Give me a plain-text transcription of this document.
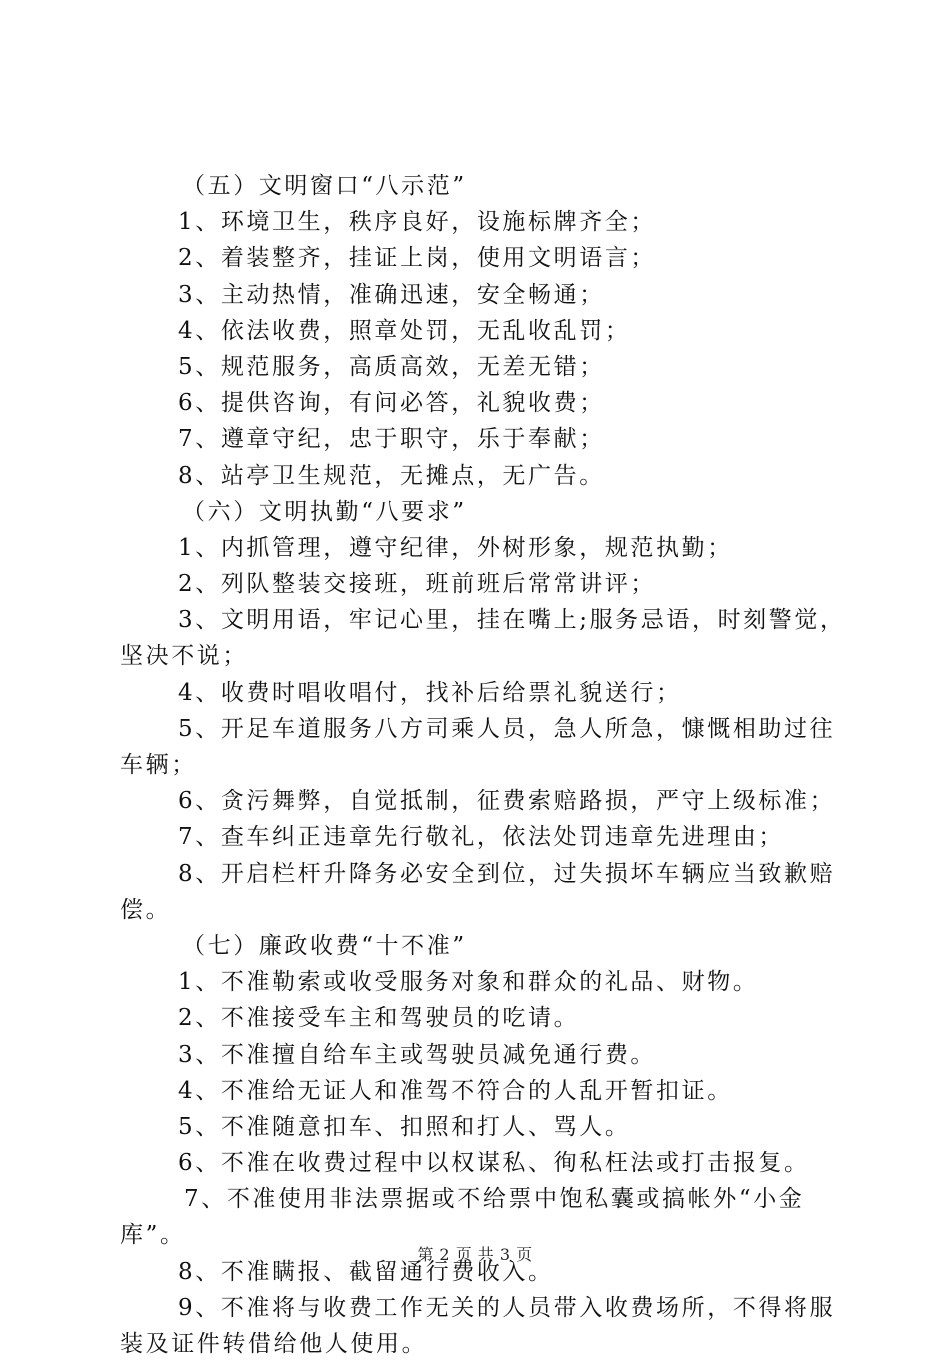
（五）文明窗口“八示范”
1、环境卫生，秩序良好，设施标牌齐全；
2、着装整齐，挂证上岗，使用文明语言；
3、主动热情，准确迅速，安全畅通；
4、依法收费，照章处罚，无乱收乱罚；
5、规范服务，高质高效，无差无错；
6、提供咨询，有问必答，礼貌收费；
7、遵章守纪，忠于职守，乐于奉献；
8、站亭卫生规范，无摊点，无广告。
（六）文明执勤“八要求”
1、内抓管理，遵守纪律，外树形象，规范执勤；
2、列队整装交接班，班前班后常常讲评；
3、文明用语，牢记心里，挂在嘴上;服务忌语，时刻警觉，
坚决不说；
4、收费时唱收唱付，找补后给票礼貌送行；
5、开足车道服务八方司乘人员，急人所急，慷慨相助过往
车辆；
6、贪污舞弊，自觉抵制，征费索赔路损，严守上级标准；
7、查车纠正违章先行敬礼，依法处罚违章先进理由；
8、开启栏杆升降务必安全到位，过失损坏车辆应当致歉赔
偿。
（七）廉政收费“十不准”
1、不准勒索或收受服务对象和群众的礼品、财物。
2、不准接受车主和驾驶员的吃请。
3、不准擅自给车主或驾驶员减免通行费。
4、不准给无证人和准驾不符合的人乱开暂扣证。
5、不准随意扣车、扣照和打人、骂人。
6、不准在收费过程中以权谋私、徇私枉法或打击报复。
7、不准使用非法票据或不给票中饱私囊或搞帐外“小金
库”。
8、不准瞒报、截留通行费收入。
9、不准将与收费工作无关的人员带入收费场所，不得将服
装及证件转借给他人使用。
第 2 页 共 3 页
